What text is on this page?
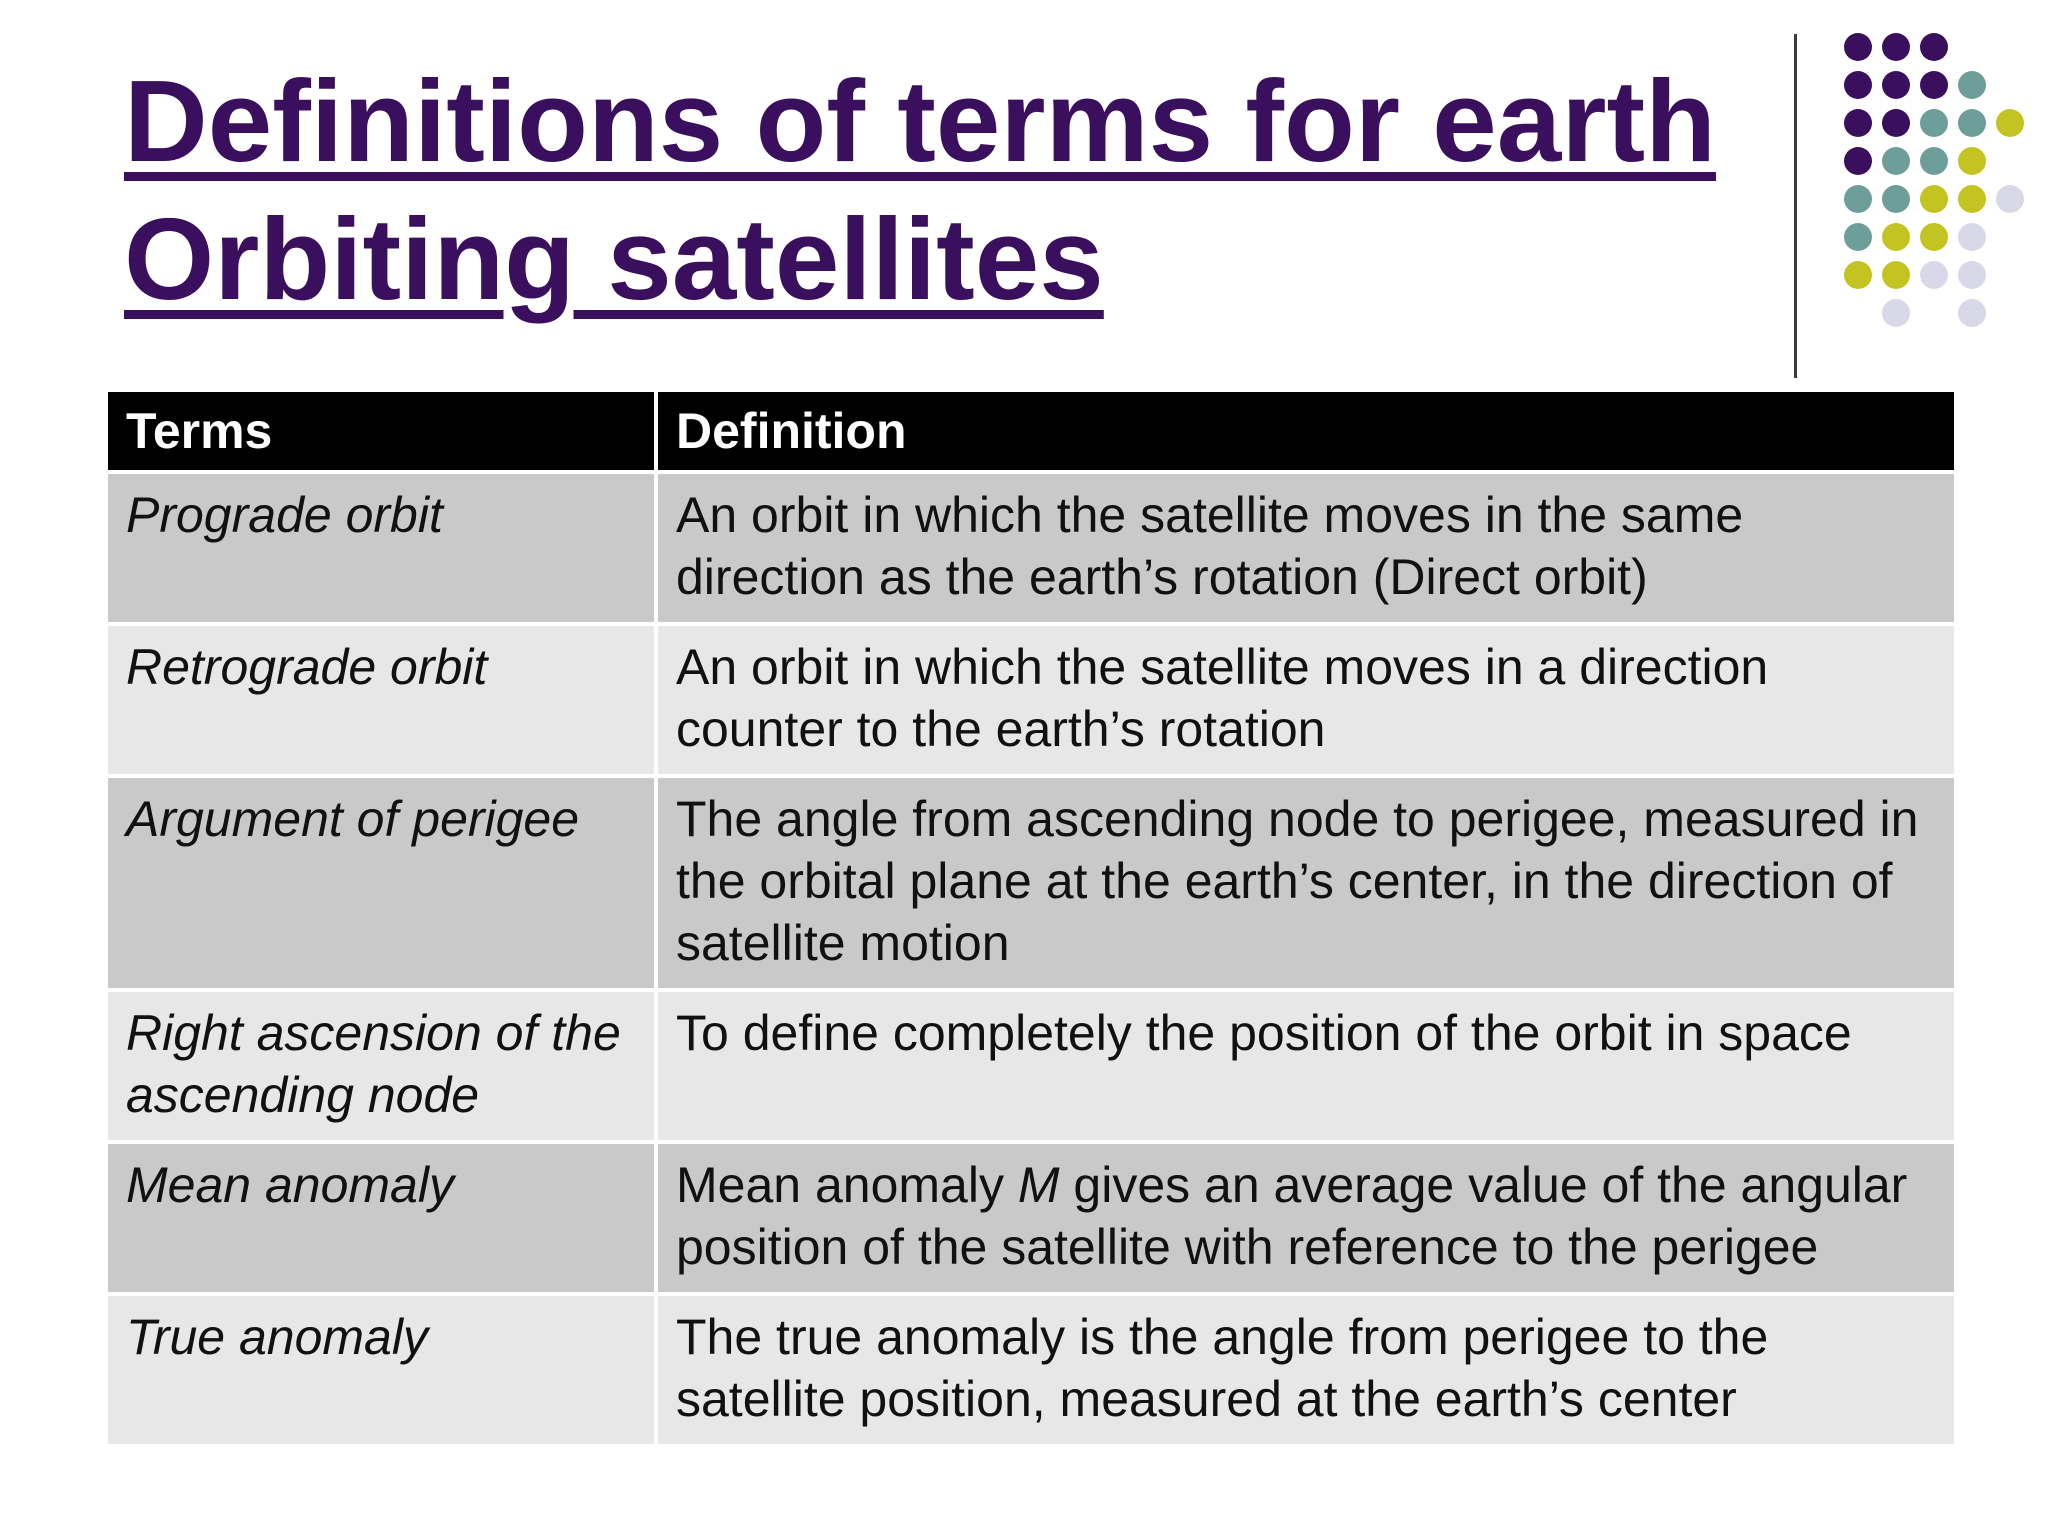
Definitions of terms for earth
Orbiting satellites
Terms	Definition
Prograde orbit	An orbit in which the satellite moves in the same direction as the earth’s rotation (Direct orbit)
Retrograde orbit	An orbit in which the satellite moves in a direction counter to the earth’s rotation
Argument of perigee	The angle from ascending node to perigee, measured in the orbital plane at the earth’s center, in the direction of satellite motion
Right ascension of the ascending node	To define completely the position of the orbit in space
Mean anomaly	Mean anomaly M gives an average value of the angular position of the satellite with reference to the perigee
True anomaly	The true anomaly is the angle from perigee to the satellite position, measured at the earth’s center
